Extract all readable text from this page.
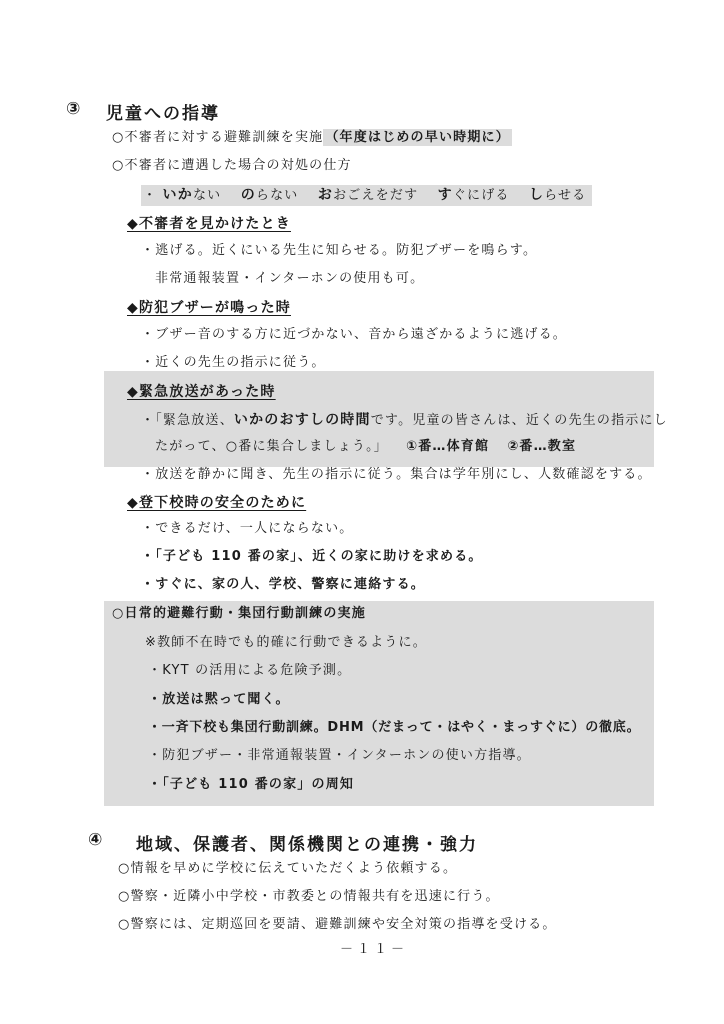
③ 児童への指導
○不審者に対する避難訓練を実施 （年度はじめの早い時期に）
○不審者に遭遇した場合の対処の仕方
・ いかない のらない おおごえをだす すぐにげる しらせる
◆不審者を見かけたとき
・逃げる。近くにいる先生に知らせる。防犯ブザーを鳴らす。
非常通報装置・インターホンの使用も可。
◆防犯ブザーが鳴った時
・ブザー音のする方に近づかない、音から遠ざかるように逃げる。
・近くの先生の指示に従う。
◆緊急放送があった時
・「緊急放送、いかのおすしの時間です。児童の皆さんは、近くの先生の指示にし
たがって、○番に集合しましょう。」 ①番…体育館 ②番…教室
・放送を静かに聞き、先生の指示に従う。集合は学年別にし、人数確認をする。
◆登下校時の安全のために
・できるだけ、一人にならない。
・「子ども 110 番の家」、近くの家に助けを求める。
・すぐに、家の人、学校、警察に連絡する。
○日常的避難行動・集団行動訓練の実施
※教師不在時でも的確に行動できるように。
・KYT の活用による危険予測。
・放送は黙って聞く。
・一斉下校も集団行動訓練。DHM（だまって・はやく・まっすぐに）の徹底。
・防犯ブザー・非常通報装置・インターホンの使い方指導。
・「子ども 110 番の家」の周知
④ 地域、保護者、関係機関との連携・強力
○情報を早めに学校に伝えていただくよう依頼する。
○警察・近隣小中学校・市教委との情報共有を迅速に行う。
○警察には、定期巡回を要請、避難訓練や安全対策の指導を受ける。
－１１－
